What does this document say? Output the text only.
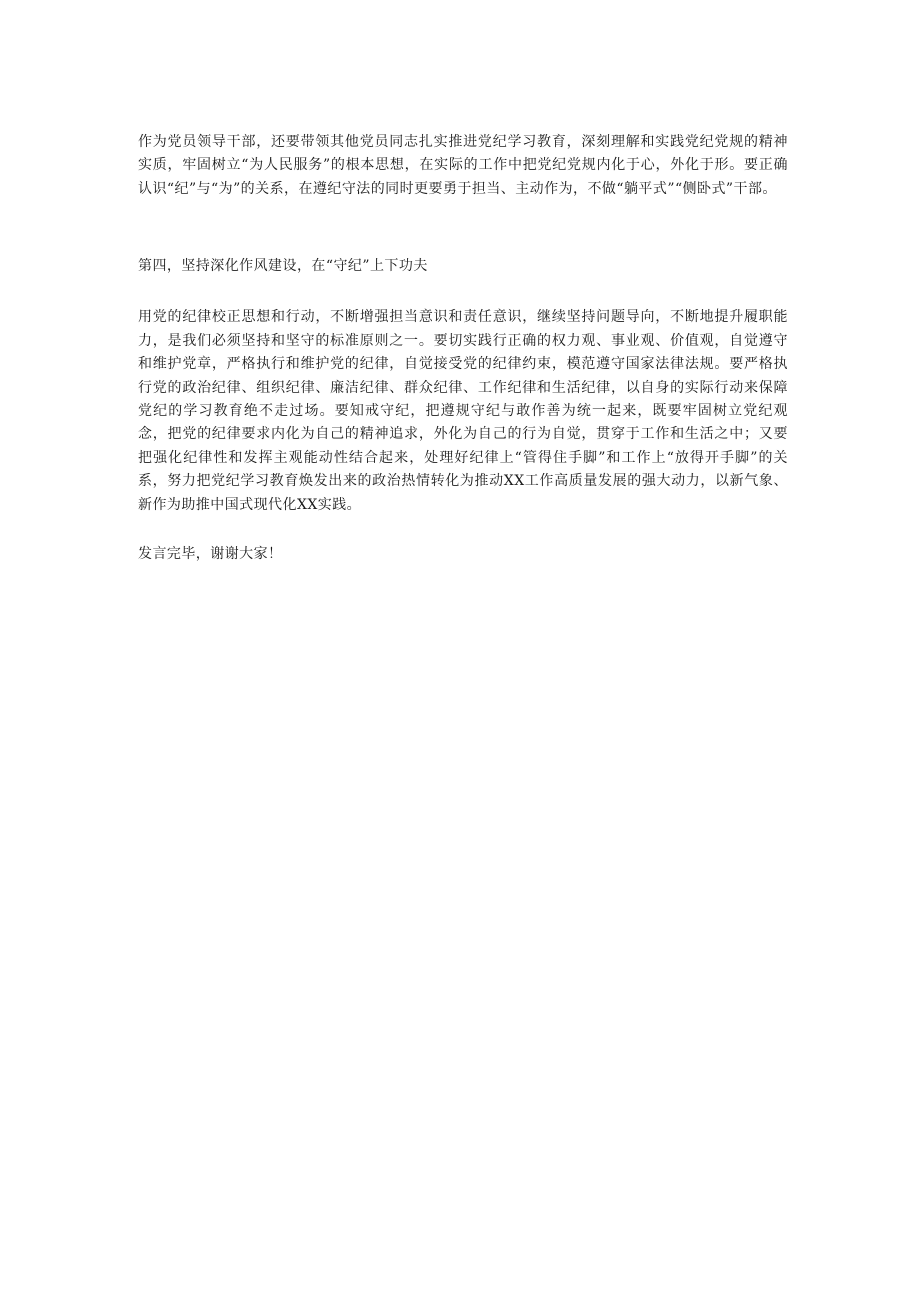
作为党员领导干部，还要带领其他党员同志扎实推进党纪学习教育，深刻理解和实践党纪党规的精神实质，牢固树立“为人民服务”的根本思想，在实际的工作中把党纪党规内化于心，外化于形。要正确认识“纪”与“为”的关系，在遵纪守法的同时更要勇于担当、主动作为，不做“躺平式”“侧卧式”干部。

第四，坚持深化作风建设，在“守纪”上下功夫

用党的纪律校正思想和行动，不断增强担当意识和责任意识，继续坚持问题导向，不断地提升履职能力，是我们必须坚持和坚守的标准原则之一。要切实践行正确的权力观、事业观、价值观，自觉遵守和维护党章，严格执行和维护党的纪律，自觉接受党的纪律约束，模范遵守国家法律法规。要严格执行党的政治纪律、组织纪律、廉洁纪律、群众纪律、工作纪律和生活纪律，以自身的实际行动来保障党纪的学习教育绝不走过场。要知戒守纪，把遵规守纪与敢作善为统一起来，既要牢固树立党纪观念，把党的纪律要求内化为自己的精神追求，外化为自己的行为自觉，贯穿于工作和生活之中；又要把强化纪律性和发挥主观能动性结合起来，处理好纪律上“管得住手脚”和工作上“放得开手脚”的关系，努力把党纪学习教育焕发出来的政治热情转化为推动XX工作高质量发展的强大动力，以新气象、新作为助推中国式现代化XX实践。

发言完毕，谢谢大家！
